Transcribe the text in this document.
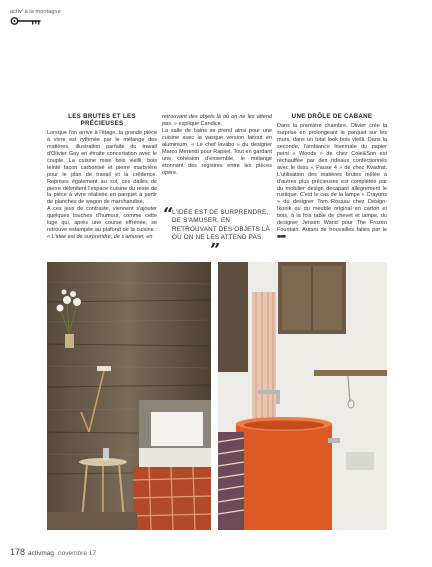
activ' à la montagne
LES BRUTES ET LES PRÉCIEUSES

Lorsque l'on arrive à l'étage, la grande pièce à vivre est rythmée par le mélange des matières, illustration parfaite du travail d'Olivier Gay en étroite concertation avec le couple. La cuisine mixe bois vieilli, bois teinté façon carbonisé et pierre marbrière pour le plan de travail et la crédence. Reprises également au sol, ces dalles de pierre délimitent l'espace cuisine du reste de la pièce à vivre réalisée en parquet à partir de planches de wagon de marchandise.

A ces jeux de contraste, viennent s'ajouter quelques touches d'humour, comme cette luge qui, après une course effrénée, se retrouve estampée au plafond de la cuisine : « L'idée est de surprendre, de s'amuser, en

retrouvant des objets là où on ne les attend pas. » explique Candice.

La salle de bains se prend ainsi pour une cuisine avec la vasque version faitout en aluminium, « Le chef lavabo » du designer Marco Merendi pour Rapsel. Tout en gardant une cohésion d'ensemble, le mélange étonnant des registres entre les pièces opère.

UNE DRÔLE DE CABANE

Dans la première chambre, Olivier crée la surprise en prolongeant le parquet sur les murs, dans un total look bois vieilli. Dans la seconde, l'ambiance hivernale du papier peint « Woods » de chez Cole&Son est réchauffée par des rideaux confectionnés avec le tissu « Pause 4 » de chez Kvadrat. L'utilisation des matières brutes mêlée à d'autres plus précieuses est complétée par du mobilier design décapant allègrement le rustique. C'est le cas de la lampe « Crayons » du designer Tom Rossau chez Design-Ikonik ou du meuble original en carton et bois, à la fois table de chevet et lampe, du designer Jensen Wand pour The Frozen Fountain. Autant de trouvailles faites par le ■■■

“
L'IDÉE EST DE SURPRENDRE, DE S'AMUSER, EN RETROUVANT DES OBJETS LÀ OÙ ON NE LES ATTEND PAS.
”
178 activmag novembre 17
